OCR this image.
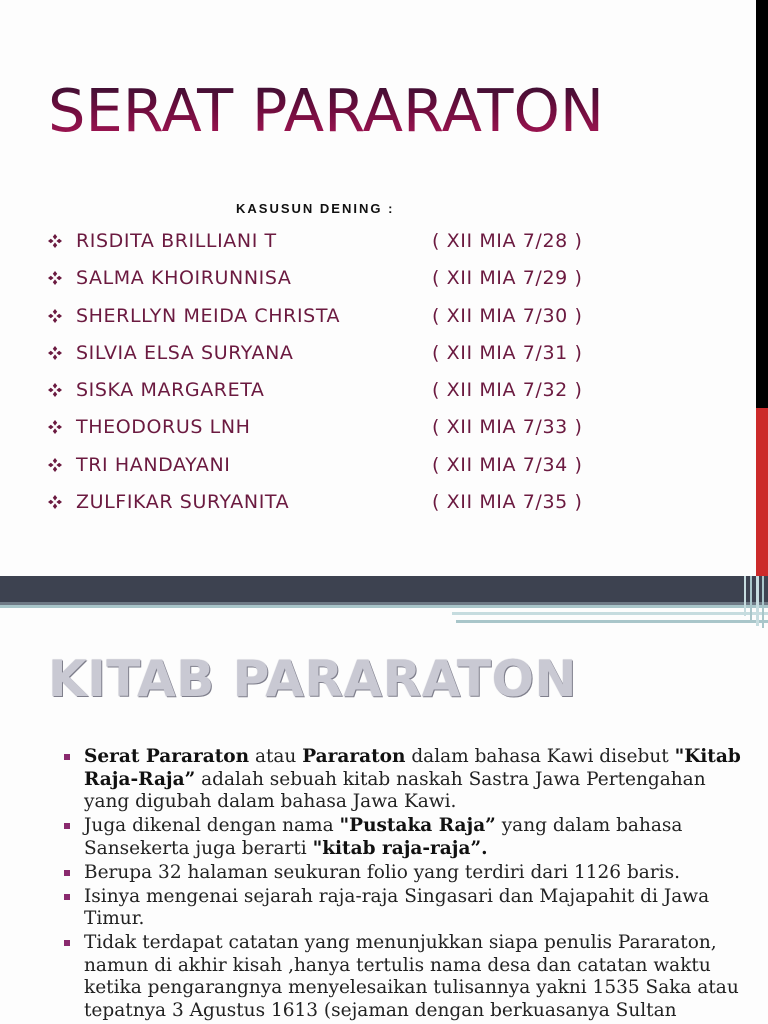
SERAT PARARATON
KASUSUN DENING :
RISDITA BRILLIANI T	( XII MIA 7/28 )
SALMA KHOIRUNNISA	( XII MIA 7/29 )
SHERLLYN MEIDA CHRISTA	( XII MIA 7/30 )
SILVIA ELSA SURYANA	( XII MIA 7/31 )
SISKA MARGARETA	( XII MIA 7/32 )
THEODORUS LNH	( XII MIA 7/33 )
TRI HANDAYANI	( XII MIA 7/34 )
ZULFIKAR SURYANITA	( XII MIA 7/35 )
KITAB PARARATON
Serat Pararaton atau Pararaton dalam bahasa Kawi disebut "Kitab Raja-Raja” adalah sebuah kitab naskah Sastra Jawa Pertengahan yang digubah dalam bahasa Jawa Kawi.
Juga dikenal dengan nama "Pustaka Raja” yang dalam bahasa Sansekerta juga berarti "kitab raja-raja”.
Berupa 32 halaman seukuran folio yang terdiri dari 1126 baris.
Isinya mengenai sejarah raja-raja Singasari dan Majapahit di Jawa Timur.
Tidak terdapat catatan yang menunjukkan siapa penulis Pararaton, namun di akhir kisah ,hanya tertulis nama desa dan catatan waktu ketika pengarangnya menyelesaikan tulisannya yakni 1535 Saka atau tepatnya 3 Agustus 1613 (sejaman dengan berkuasanya Sultan
